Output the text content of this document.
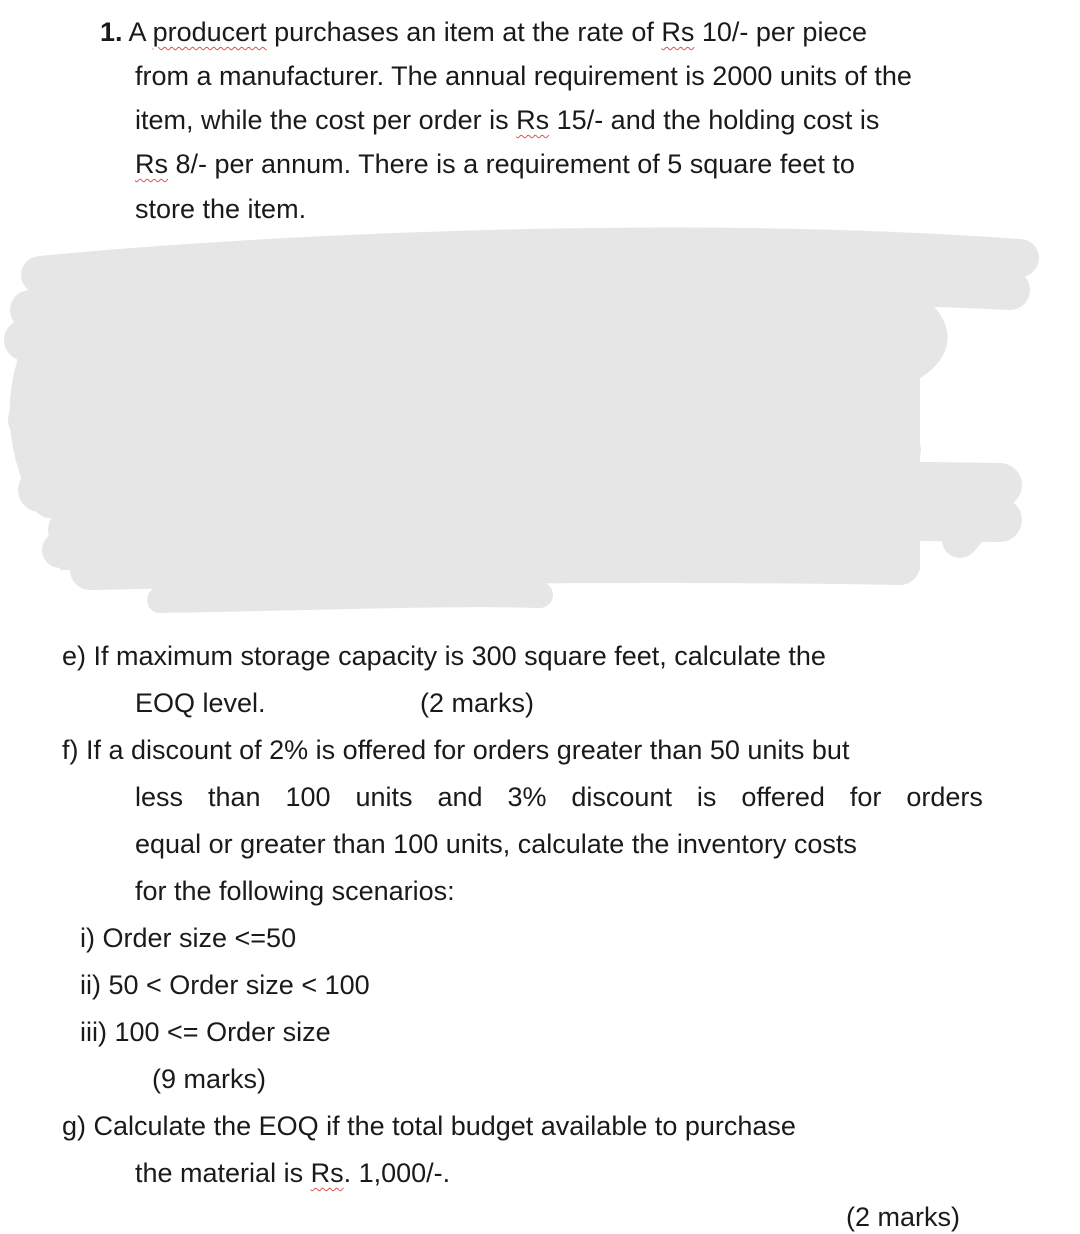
1. A producert purchases an item at the rate of Rs 10/- per piece
from a manufacturer. The annual requirement is 2000 units of the
item, while the cost per order is Rs 15/- and the holding cost is
Rs 8/- per annum. There is a requirement of 5 square feet to
store the item.
e) If maximum storage capacity is 300 square feet, calculate the
EOQ level.	(2 marks)
f) If a discount of 2% is offered for orders greater than 50 units but
less than 100 units and 3% discount is offered for orders
equal or greater than 100 units, calculate the inventory costs
for the following scenarios:
i) Order size <=50
ii) 50 < Order size < 100
iii) 100 <= Order size
(9 marks)
g) Calculate the EOQ if the total budget available to purchase
the material is Rs. 1,000/-.
(2 marks)
